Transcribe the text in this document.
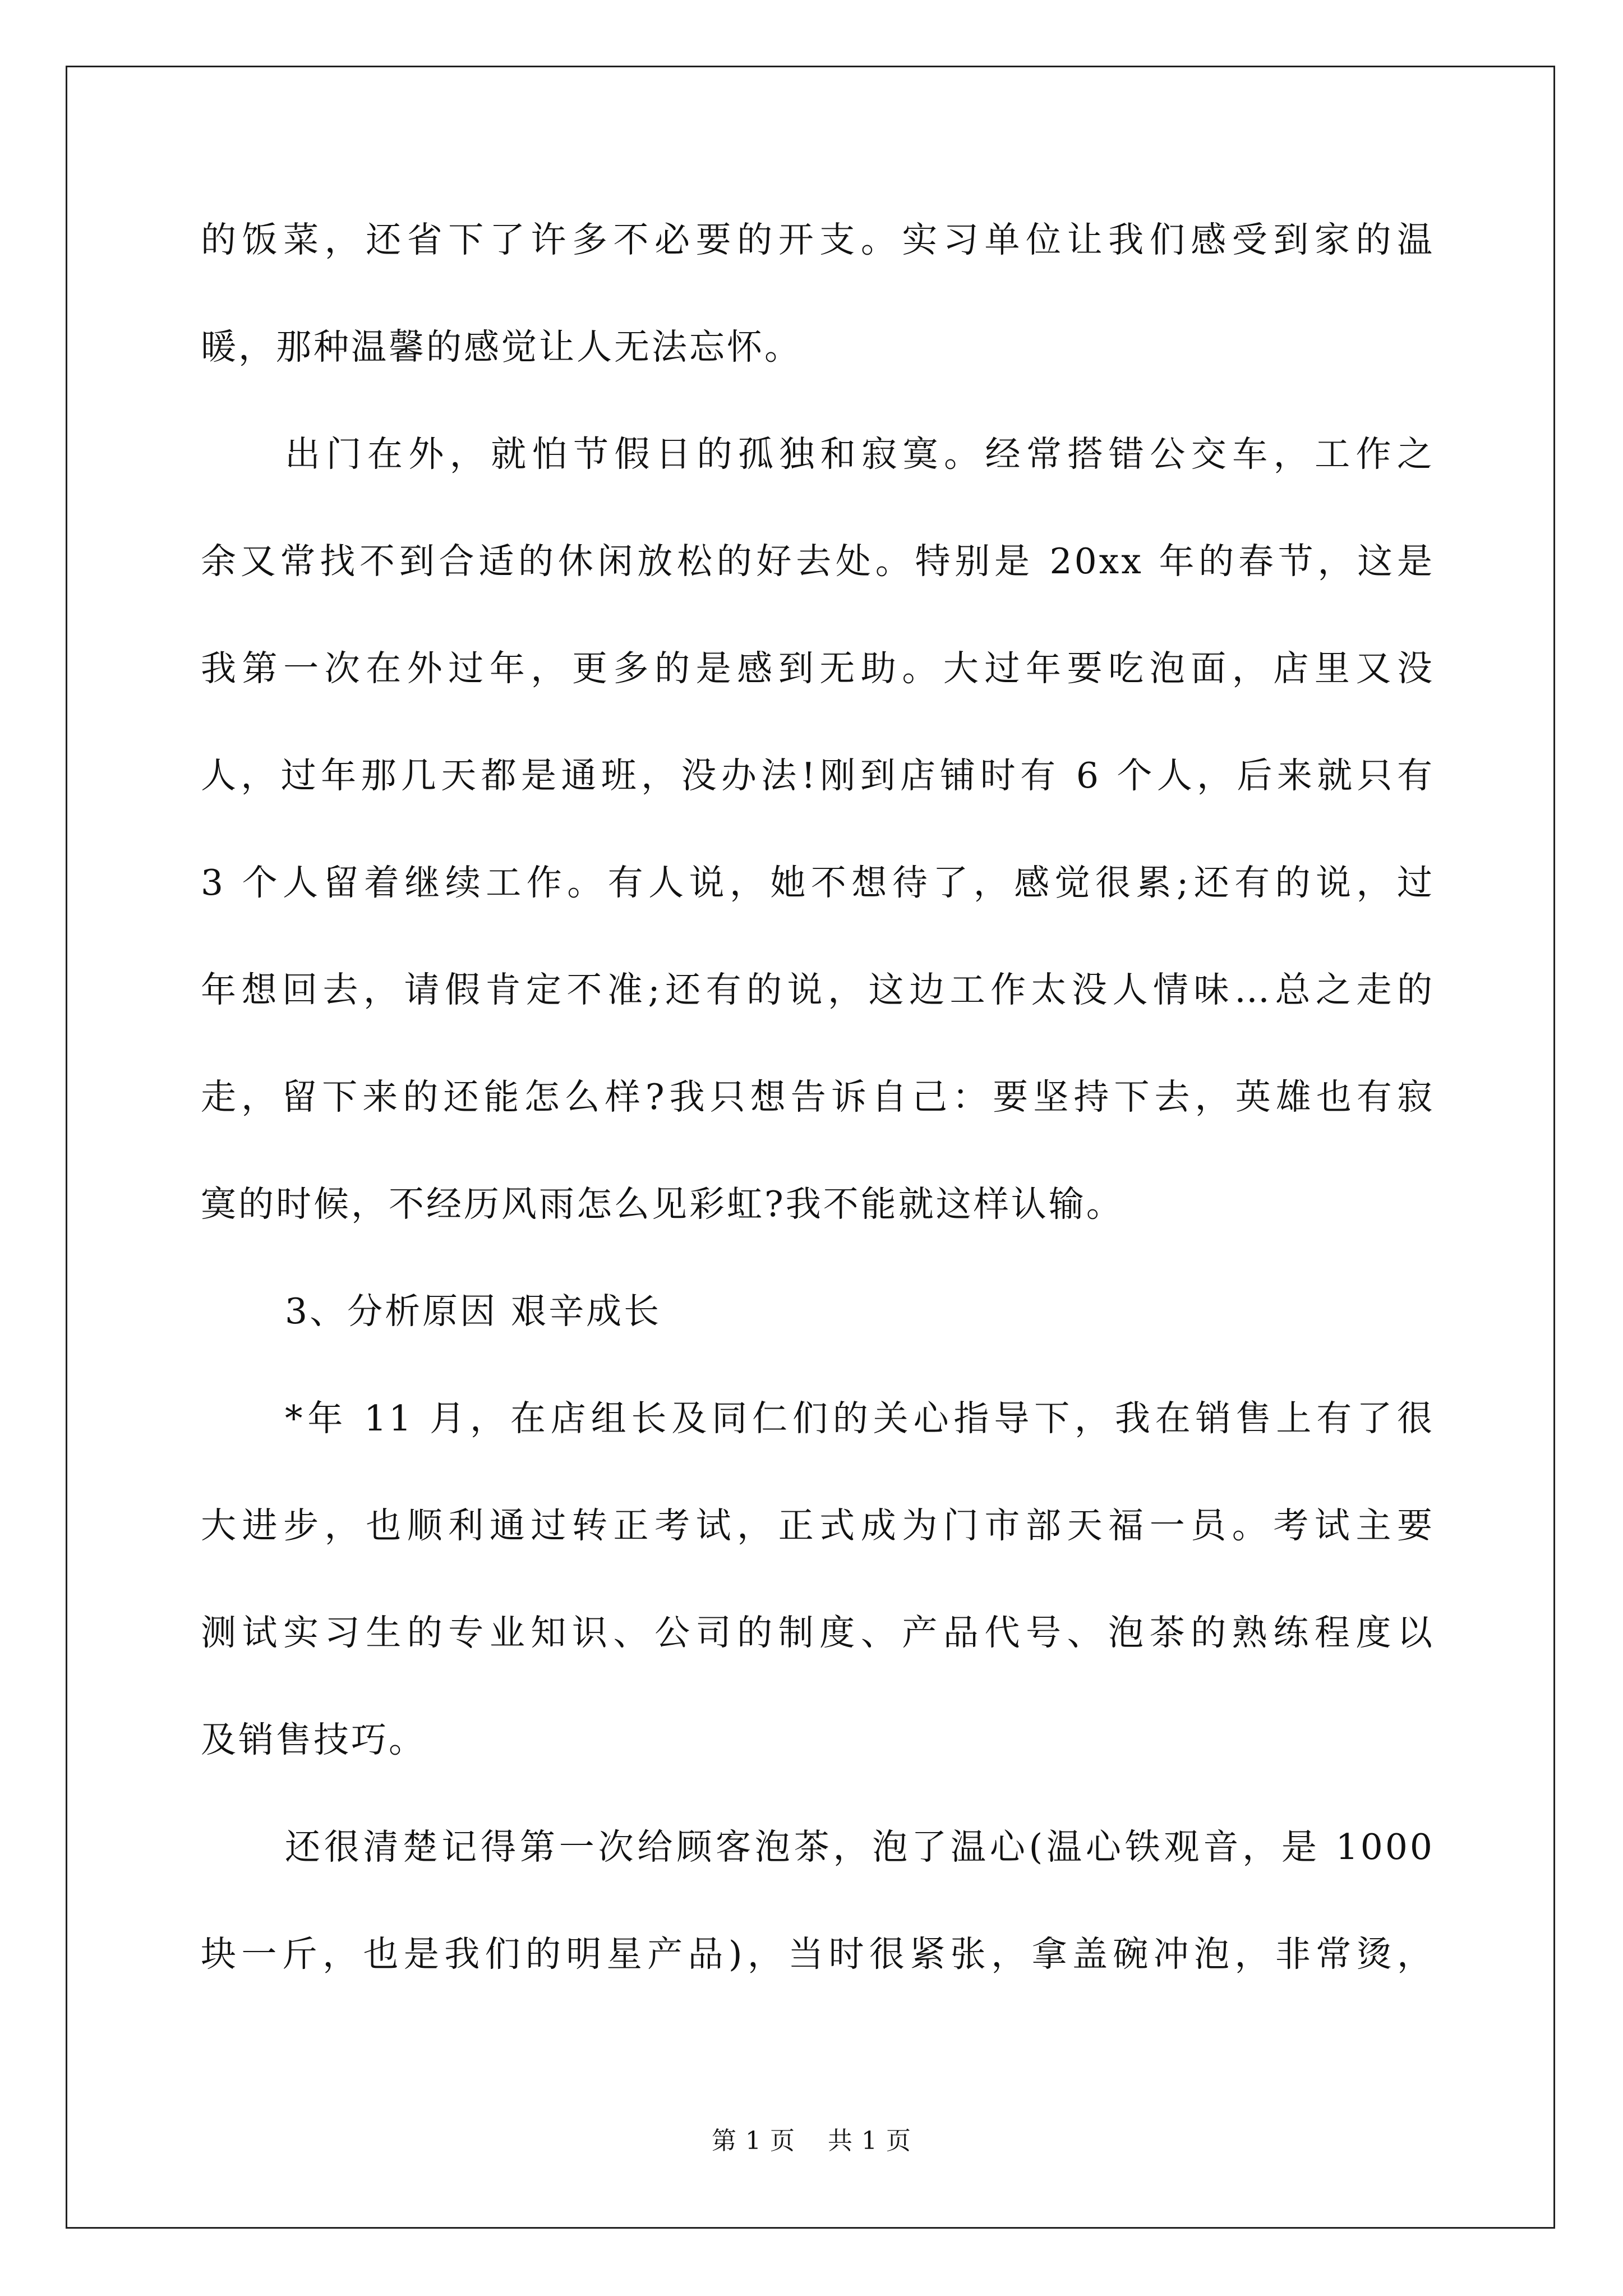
的饭菜，还省下了许多不必要的开支。实习单位让我们感受到家的温
暖，那种温馨的感觉让人无法忘怀。
出门在外，就怕节假日的孤独和寂寞。经常搭错公交车，工作之
余又常找不到合适的休闲放松的好去处。特别是 20xx 年的春节，这是
我第一次在外过年，更多的是感到无助。大过年要吃泡面，店里又没
人，过年那几天都是通班，没办法!刚到店铺时有 6 个人，后来就只有
3 个人留着继续工作。有人说，她不想待了，感觉很累;还有的说，过
年想回去，请假肯定不准;还有的说，这边工作太没人情味…总之走的
走，留下来的还能怎么样?我只想告诉自己：要坚持下去，英雄也有寂
寞的时候，不经历风雨怎么见彩虹?我不能就这样认输。
3、分析原因 艰辛成长
*年 11 月，在店组长及同仁们的关心指导下，我在销售上有了很
大进步，也顺利通过转正考试，正式成为门市部天福一员。考试主要
测试实习生的专业知识、公司的制度、产品代号、泡茶的熟练程度以
及销售技巧。
还很清楚记得第一次给顾客泡茶，泡了温心(温心铁观音，是 1000
块一斤，也是我们的明星产品)，当时很紧张，拿盖碗冲泡，非常烫，
第 1 页 共 1 页
